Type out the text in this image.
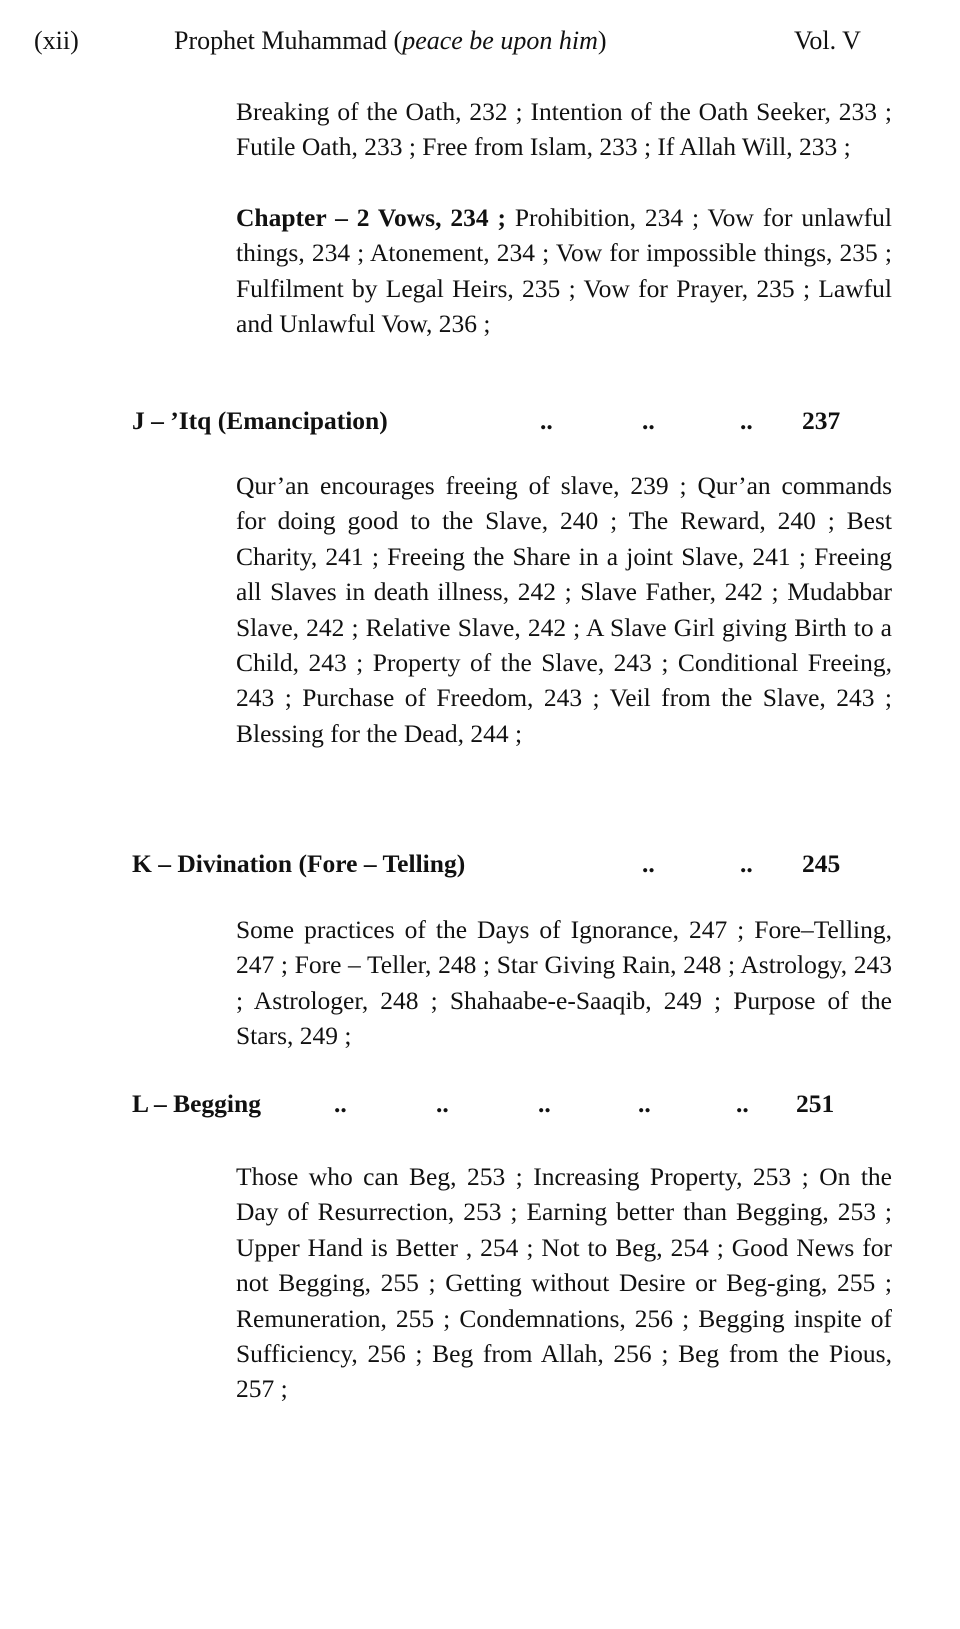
(xii)	Prophet Muhammad (peace be upon him)	Vol. V

Breaking of the Oath, 232 ; Intention of the Oath Seeker, 233 ; Futile Oath, 233 ; Free from Islam, 233 ; If Allah Will, 233 ;

Chapter – 2 Vows, 234 ; Prohibition, 234 ; Vow for unlawful things, 234 ; Atonement, 234 ; Vow for impossible things, 235 ; Fulfilment by Legal Heirs, 235 ; Vow for Prayer, 235 ; Lawful and Unlawful Vow, 236 ;

J – ’Itq (Emancipation)	..	..	.. 237

Qur’an encourages freeing of slave, 239 ; Qur’an commands for doing good to the Slave, 240 ; The Reward, 240 ; Best Charity, 241 ; Freeing the Share in a joint Slave, 241 ; Freeing all Slaves in death illness, 242 ; Slave Father, 242 ; Mudabbar Slave, 242 ; Relative Slave, 242 ; A Slave Girl giving Birth to a Child, 243 ; Property of the Slave, 243 ; Conditional Freeing, 243 ; Purchase of Freedom, 243 ; Veil from the Slave, 243 ; Blessing for the Dead, 244 ;

K – Divination (Fore – Telling)	..	.. 245

Some practices of the Days of Ignorance, 247 ; Fore–Telling, 247 ; Fore – Teller, 248 ; Star Giving Rain, 248 ; Astrology, 243 ; Astrologer, 248 ; Shahaabe-e-Saaqib, 249 ; Purpose of the Stars, 249 ;

L – Begging	..	..	..	..	.. 251

Those who can Beg, 253 ; Increasing Property, 253 ; On the Day of Resurrection, 253 ; Earning better than Begging, 253 ; Upper Hand is Better , 254 ; Not to Beg, 254 ; Good News for not Begging, 255 ; Getting without Desire or Beg-ging, 255 ; Remuneration, 255 ; Condemnations, 256 ; Begging inspite of Sufficiency, 256 ; Beg from Allah, 256 ; Beg from the Pious, 257 ;
